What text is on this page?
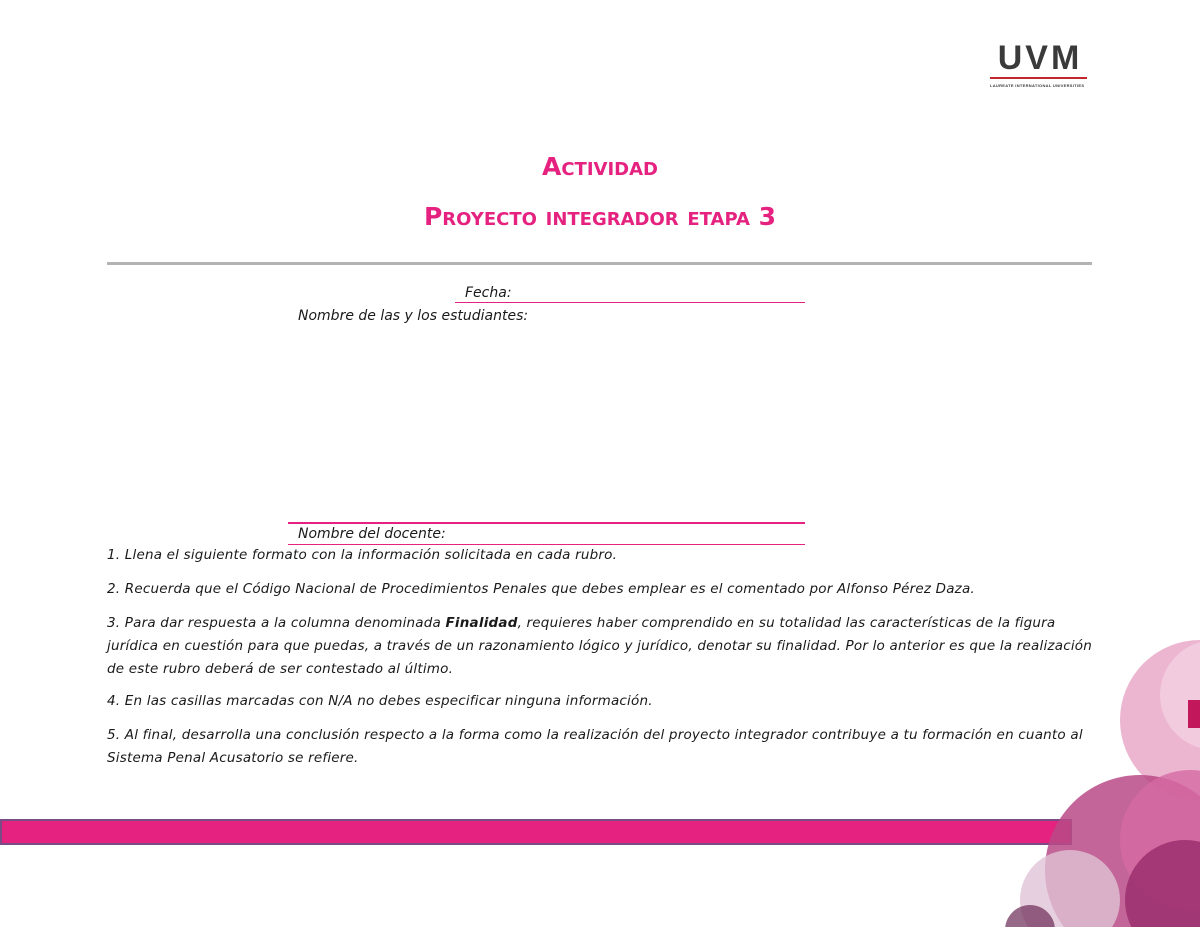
UVM
LAUREATE INTERNATIONAL UNIVERSITIES
Actividad
Proyecto integrador etapa 3
Fecha:
Nombre de las y los estudiantes:
Nombre del docente:
1. Llena el siguiente formato con la información solicitada en cada rubro.
2. Recuerda que el Código Nacional de Procedimientos Penales que debes emplear es el comentado por Alfonso Pérez Daza.
3. Para dar respuesta a la columna denominada Finalidad, requieres haber comprendido en su totalidad las características de la figura jurídica en cuestión para que puedas, a través de un razonamiento lógico y jurídico, denotar su finalidad. Por lo anterior es que la realización de este rubro deberá de ser contestado al último.
4. En las casillas marcadas con N/A no debes especificar ninguna información.
5. Al final, desarrolla una conclusión respecto a la forma como la realización del proyecto integrador contribuye a tu formación en cuanto al Sistema Penal Acusatorio se refiere.
